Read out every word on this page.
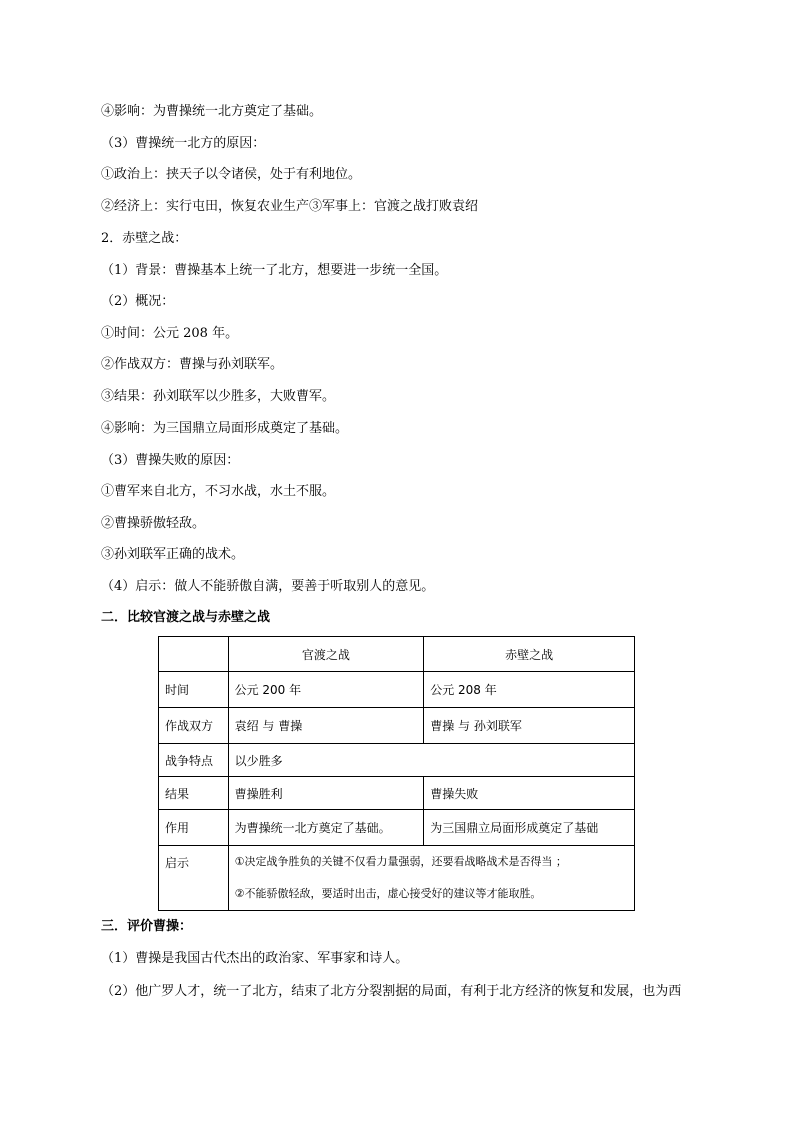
④影响：为曹操统一北方奠定了基础。
（3）曹操统一北方的原因：
①政治上：挟天子以令诸侯，处于有利地位。
②经济上：实行屯田，恢复农业生产③军事上：官渡之战打败袁绍
2．赤壁之战：
（1）背景：曹操基本上统一了北方，想要进一步统一全国。
（2）概况：
①时间：公元 208 年。
②作战双方：曹操与孙刘联军。
③结果：孙刘联军以少胜多，大败曹军。
④影响：为三国鼎立局面形成奠定了基础。
（3）曹操失败的原因：
①曹军来自北方，不习水战，水土不服。
②曹操骄傲轻敌。
③孙刘联军正确的战术。
（4）启示：做人不能骄傲自满，要善于听取别人的意见。
二．比较官渡之战与赤壁之战
	官渡之战	赤壁之战
时间	公元 200 年	公元 208 年
作战双方	袁绍 与 曹操	曹操 与 孙刘联军
战争特点	以少胜多	
结果	曹操胜利	曹操失败
作用	为曹操统一北方奠定了基础。	为三国鼎立局面形成奠定了基础
启示	①决定战争胜负的关键不仅看力量强弱，还要看战略战术是否得当 ；
②不能骄傲轻敌，要适时出击，虚心接受好的建议等才能取胜。	
三．评价曹操：
（1）曹操是我国古代杰出的政治家、军事家和诗人。
（2）他广罗人才，统一了北方，结束了北方分裂割据的局面，有利于北方经济的恢复和发展，也为西
